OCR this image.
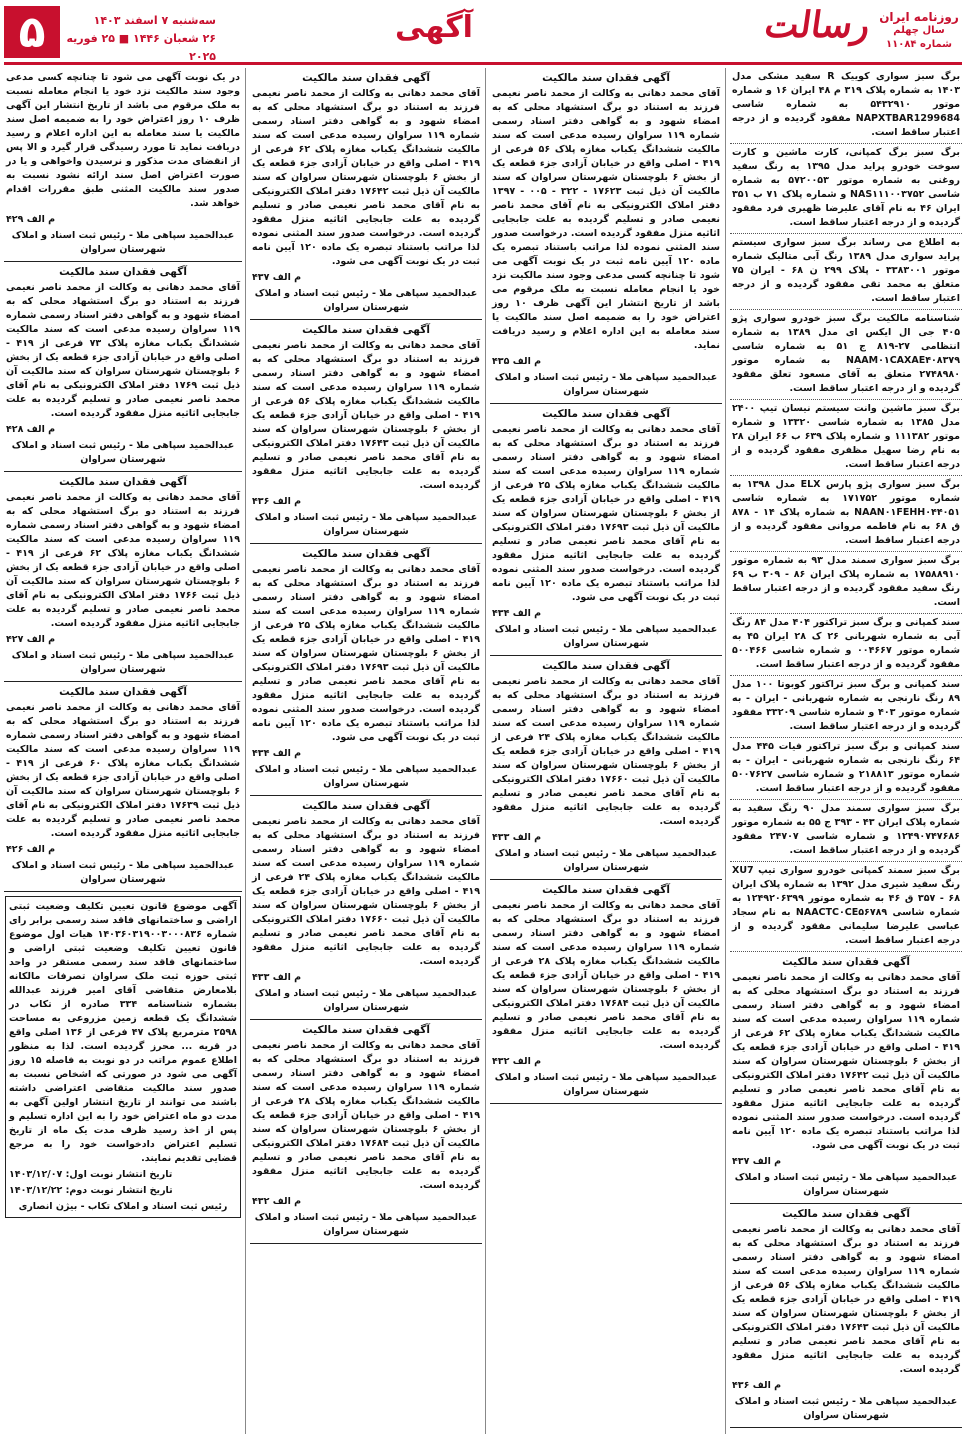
۵	سه‌شنبه ۷ اسفند ۱۴۰۳
۲۶ شعبان ۱۴۴۶ ■ ۲۵ فوریه ۲۰۲۵
آگهی	رسالت روزنامه ایران
سال چهلم
شماره ۱۱۰۸۴
برگ سبز سواری کوییک R سفید مشکی مدل ۱۴۰۳ به شماره پلاک ۳۱۹ م ۴۸ ایران ۱۶ و شماره موتور ۵۴۳۲۹۱۰ به شماره شاسی NAPXTBAR1299684 مفقود گردیده و از درجه اعتبار ساقط است.
برگ سبز برگ کمپانی، کارت ماشین و کارت سوخت خودرو پراید مدل ۱۳۹۵ به رنگ سفید روغنی به شماره موتور ۵۷۲۰۰۵۳ به شماره شاسی NAS۱۱۱۰۰۳۷۵۲ و شماره پلاک ۷۱ ب ۳۵۱ ایران ۴۶ به نام آقای علیرضا ظهیری فرد مفقود گردیده و از درجه اعتبار ساقط است.
به اطلاع می رساند برگ سبز سواری سیستم پراید سواری مدل ۱۳۸۹ رنگ آبی متالیک شماره موتور ۳۳۸۳۰۰۱ - پلاک ۲۹۹ ن ۶۸ - ایران ۷۵ متعلق به محمد تقی مفقود گردیده و از درجه اعتبار ساقط است.
شناسنامه مالکیت برگ سبز خودرو سواری پژو ۴۰۵ جی ال ایکس ای مدل ۱۳۸۹ به شماره انتظامی ۲۷-۸۱۹ ج ۵۱ به شماره شاسی NAAM۰۱CAXAE۴۰۸۳۷۹ به شماره موتور ۲۷۴۸۹۸۰ متعلق به آقای مسعود تعلق مفقود گردیده و از درجه اعتبار ساقط است.
برگ سبز ماشین وانت سیستم نیسان تیپ ۲۴۰۰ مدل ۱۳۸۵ به شماره شاسی ۱۳۳۲۰ و شماره موتور ۱۱۱۳۸۲ و شماره پلاک ۶۳۹ ب ۶۶ ایران ۲۸ به نام رضا سهیل مظفری مفقود گردیده و از درجه اعتبار ساقط است.
برگ سبز سواری پژو پارس ELX مدل ۱۳۹۸ به شماره موتور ۱۷۱۷۵۲ به شماره شاسی NAAN۰۱FEHH۰۴۴۰۵۱ به شماره پلاک ۱۴ - ۸۷۸ ق ۶۸ به نام فاطمه مروانی مفقود گردیده و از درجه اعتبار ساقط است.
برگ سبز سواری سمند مدل ۹۳ به شماره موتور ۱۷۵۸۸۹۱۰ به شماره پلاک ایران ۸۶ - ۳۰۹ ب ۶۹ رنگ سفید مفقود گردیده و از درجه اعتبار ساقط است.
سند کمپانی و برگ سبز تراکتور ۴۰۴ مدل ۸۴ رنگ آبی به شماره شهربانی ۲۶ ک ۲۸ ایران ۴۵ به شماره موتور ۰۰۴۶۶۷ و شماره شاسی ۵۰۰۴۶۶ مفقود گردیده و از درجه اعتبار ساقط است.
سند کمپانی و برگ سبز تراکتور کوبوتا ۱۰۰ مدل ۸۹ رنگ نارنجی به شماره شهربانی - ایران - به شماره موتور ۴۰۳ و شماره شاسی ۳۳۲۰۹ مفقود گردیده و از درجه اعتبار ساقط است.
سند کمپانی و برگ سبز تراکتور فیات ۴۴۵ مدل ۶۴ رنگ نارنجی به شماره شهربانی - ایران - به شماره موتور ۲۱۸۸۱۳ و شماره شاسی ۵۰۰۷۶۲۷ مفقود گردیده و از درجه اعتبار ساقط است.
برگ سبز سواری سمند مدل ۹۰ رنگ سفید به شماره پلاک ایران ۴۳ - ۳۹۳ ج ۵۵ به شماره موتور ۱۲۴۹۰۷۴۷۶۸۶ و شماره شاسی ۲۴۷۰۷ مفقود گردیده و از درجه اعتبار ساقط است.
برگ سبز سمند کمپانی خودرو سواری تیپ XU7 رنگ سفید شیری مدل ۱۳۹۲ به شماره پلاک ایران ۶۸ - ۳۵۷ ق ۴۶ به شماره موتور ۱۲۴۹۲۰۶۳۹۹ به شماره شاسی NAACTC۰CE۵۶۷۸۹ به نام سجاد عباسی علیرضا سلیمانی مفقود گردیده و از درجه اعتبار ساقط است.
آگهی فقدان سند مالکیت
آقای محمد دهانی به وکالت از محمد ناصر نعیمی فرزند به استناد دو برگ استشهاد محلی که به امضاء شهود و به گواهی دفتر اسناد رسمی شماره ۱۱۹ سراوان رسیده مدعی است که سند مالکیت ششدانگ یکباب مغازه پلاک ۶۲ فرعی از ۴۱۹ - اصلی واقع در خیابان آزادی جزء قطعه یک از بخش ۶ بلوچستان شهرستان سراوان که سند مالکیت آن ذیل ثبت ۱۷۶۴۲ دفتر املاک الکترونیکی به نام آقای محمد ناصر نعیمی صادر و تسلیم گردیده به علت جابجایی اثاثیه منزل مفقود گردیده است. درخواست صدور سند المثنی نموده لذا مراتب باستناد تبصره یک ماده ۱۲۰ آیین نامه ثبت در یک نوبت آگهی می شود.
م الف ۴۳۷
عبدالحمید سپاهی ملا - رئیس ثبت اسناد و املاک شهرستان سراوان
آگهی فقدان سند مالکیت
آقای محمد دهانی به وکالت از محمد ناصر نعیمی فرزند به استناد دو برگ استشهاد محلی که به امضاء شهود و به گواهی دفتر اسناد رسمی شماره ۱۱۹ سراوان رسیده مدعی است که سند مالکیت ششدانگ یکباب مغازه پلاک ۵۶ فرعی از ۴۱۹ - اصلی واقع در خیابان آزادی جزء قطعه یک از بخش ۶ بلوچستان شهرستان سراوان که سند مالکیت آن ذیل ثبت ۱۷۶۴۳ دفتر املاک الکترونیکی به نام آقای محمد ناصر نعیمی صادر و تسلیم گردیده به علت جابجایی اثاثیه منزل مفقود گردیده است.
م الف ۴۳۶
عبدالحمید سپاهی ملا - رئیس ثبت اسناد و املاک شهرستان سراوان
آگهی فقدان سند مالکیت
آقای محمد دهانی به وکالت از محمد ناصر نعیمی فرزند به استناد دو برگ استشهاد محلی که به امضاء شهود و به گواهی دفتر اسناد رسمی شماره ۱۱۹ سراوان رسیده مدعی است که سند مالکیت ششدانگ یکباب مغازه پلاک ۵۶ فرعی از ۴۱۹ - اصلی واقع در خیابان آزادی جزء قطعه یک از بخش ۶ بلوچستان شهرستان سراوان که سند مالکیت آن ذیل ثبت ۱۷۶۲۳ - ۳۲۲ - ۰۰۵ - ۱۳۹۷ دفتر املاک الکترونیکی به نام آقای محمد ناصر نعیمی صادر و تسلیم گردیده به علت جابجایی اثاثیه منزل مفقود گردیده است. درخواست صدور سند المثنی نموده لذا مراتب باستناد تبصره یک ماده ۱۲۰ آیین نامه ثبت در یک نوبت آگهی می شود تا چنانچه کسی مدعی وجود سند مالکیت نزد خود یا انجام معامله نسبت به ملک مرقوم می باشد از تاریخ انتشار این آگهی ظرف ۱۰ روز اعتراض خود را به ضمیمه اصل سند مالکیت یا سند معامله به این اداره اعلام و رسید دریافت نماید.
م الف ۴۳۵
عبدالحمید سپاهی ملا - رئیس ثبت اسناد و املاک شهرستان سراوان
آگهی فقدان سند مالکیت
آقای محمد دهانی به وکالت از محمد ناصر نعیمی فرزند به استناد دو برگ استشهاد محلی که به امضاء شهود و به گواهی دفتر اسناد رسمی شماره ۱۱۹ سراوان رسیده مدعی است که سند مالکیت ششدانگ یکباب مغازه پلاک ۲۵ فرعی از ۴۱۹ - اصلی واقع در خیابان آزادی جزء قطعه یک از بخش ۶ بلوچستان شهرستان سراوان که سند مالکیت آن ذیل ثبت ۱۷۶۹۳ دفتر املاک الکترونیکی به نام آقای محمد ناصر نعیمی صادر و تسلیم گردیده به علت جابجایی اثاثیه منزل مفقود گردیده است. درخواست صدور سند المثنی نموده لذا مراتب باستناد تبصره یک ماده ۱۲۰ آیین نامه ثبت در یک نوبت آگهی می شود.
م الف ۴۳۴
عبدالحمید سپاهی ملا - رئیس ثبت اسناد و املاک شهرستان سراوان
آگهی فقدان سند مالکیت
آقای محمد دهانی به وکالت از محمد ناصر نعیمی فرزند به استناد دو برگ استشهاد محلی که به امضاء شهود و به گواهی دفتر اسناد رسمی شماره ۱۱۹ سراوان رسیده مدعی است که سند مالکیت ششدانگ یکباب مغازه پلاک ۲۴ فرعی از ۴۱۹ - اصلی واقع در خیابان آزادی جزء قطعه یک از بخش ۶ بلوچستان شهرستان سراوان که سند مالکیت آن ذیل ثبت ۱۷۶۶۰ دفتر املاک الکترونیکی به نام آقای محمد ناصر نعیمی صادر و تسلیم گردیده به علت جابجایی اثاثیه منزل مفقود گردیده است.
م الف ۴۳۳
عبدالحمید سپاهی ملا - رئیس ثبت اسناد و املاک شهرستان سراوان
آگهی فقدان سند مالکیت
آقای محمد دهانی به وکالت از محمد ناصر نعیمی فرزند به استناد دو برگ استشهاد محلی که به امضاء شهود و به گواهی دفتر اسناد رسمی شماره ۱۱۹ سراوان رسیده مدعی است که سند مالکیت ششدانگ یکباب مغازه پلاک ۲۸ فرعی از ۴۱۹ - اصلی واقع در خیابان آزادی جزء قطعه یک از بخش ۶ بلوچستان شهرستان سراوان که سند مالکیت آن ذیل ثبت ۱۷۶۸۴ دفتر املاک الکترونیکی به نام آقای محمد ناصر نعیمی صادر و تسلیم گردیده به علت جابجایی اثاثیه منزل مفقود گردیده است.
م الف ۴۳۲
عبدالحمید سپاهی ملا - رئیس ثبت اسناد و املاک شهرستان سراوان
آگهی فقدان سند مالکیت
آقای محمد دهانی به وکالت از محمد ناصر نعیمی فرزند به استناد دو برگ استشهاد محلی که به امضاء شهود و به گواهی دفتر اسناد رسمی شماره ۱۱۹ سراوان رسیده مدعی است که سند مالکیت ششدانگ یکباب مغازه پلاک ۶۲ فرعی از ۴۱۹ - اصلی واقع در خیابان آزادی جزء قطعه یک از بخش ۶ بلوچستان شهرستان سراوان که سند مالکیت آن ذیل ثبت ۱۷۶۴۲ دفتر املاک الکترونیکی به نام آقای محمد ناصر نعیمی صادر و تسلیم گردیده به علت جابجایی اثاثیه منزل مفقود گردیده است. درخواست صدور سند المثنی نموده لذا مراتب باستناد تبصره یک ماده ۱۲۰ آیین نامه ثبت در یک نوبت آگهی می شود.
م الف ۴۳۷
عبدالحمید سپاهی ملا - رئیس ثبت اسناد و املاک شهرستان سراوان
آگهی فقدان سند مالکیت
آقای محمد دهانی به وکالت از محمد ناصر نعیمی فرزند به استناد دو برگ استشهاد محلی که به امضاء شهود و به گواهی دفتر اسناد رسمی شماره ۱۱۹ سراوان رسیده مدعی است که سند مالکیت ششدانگ یکباب مغازه پلاک ۵۶ فرعی از ۴۱۹ - اصلی واقع در خیابان آزادی جزء قطعه یک از بخش ۶ بلوچستان شهرستان سراوان که سند مالکیت آن ذیل ثبت ۱۷۶۴۳ دفتر املاک الکترونیکی به نام آقای محمد ناصر نعیمی صادر و تسلیم گردیده به علت جابجایی اثاثیه منزل مفقود گردیده است.
م الف ۴۳۶
عبدالحمید سپاهی ملا - رئیس ثبت اسناد و املاک شهرستان سراوان
آگهی فقدان سند مالکیت
آقای محمد دهانی به وکالت از محمد ناصر نعیمی فرزند به استناد دو برگ استشهاد محلی که به امضاء شهود و به گواهی دفتر اسناد رسمی شماره ۱۱۹ سراوان رسیده مدعی است که سند مالکیت ششدانگ یکباب مغازه پلاک ۲۵ فرعی از ۴۱۹ - اصلی واقع در خیابان آزادی جزء قطعه یک از بخش ۶ بلوچستان شهرستان سراوان که سند مالکیت آن ذیل ثبت ۱۷۶۹۳ دفتر املاک الکترونیکی به نام آقای محمد ناصر نعیمی صادر و تسلیم گردیده به علت جابجایی اثاثیه منزل مفقود گردیده است. درخواست صدور سند المثنی نموده لذا مراتب باستناد تبصره یک ماده ۱۲۰ آیین نامه ثبت در یک نوبت آگهی می شود.
م الف ۴۳۴
عبدالحمید سپاهی ملا - رئیس ثبت اسناد و املاک شهرستان سراوان
آگهی فقدان سند مالکیت
آقای محمد دهانی به وکالت از محمد ناصر نعیمی فرزند به استناد دو برگ استشهاد محلی که به امضاء شهود و به گواهی دفتر اسناد رسمی شماره ۱۱۹ سراوان رسیده مدعی است که سند مالکیت ششدانگ یکباب مغازه پلاک ۲۴ فرعی از ۴۱۹ - اصلی واقع در خیابان آزادی جزء قطعه یک از بخش ۶ بلوچستان شهرستان سراوان که سند مالکیت آن ذیل ثبت ۱۷۶۶۰ دفتر املاک الکترونیکی به نام آقای محمد ناصر نعیمی صادر و تسلیم گردیده به علت جابجایی اثاثیه منزل مفقود گردیده است.
م الف ۴۳۳
عبدالحمید سپاهی ملا - رئیس ثبت اسناد و املاک شهرستان سراوان
آگهی فقدان سند مالکیت
آقای محمد دهانی به وکالت از محمد ناصر نعیمی فرزند به استناد دو برگ استشهاد محلی که به امضاء شهود و به گواهی دفتر اسناد رسمی شماره ۱۱۹ سراوان رسیده مدعی است که سند مالکیت ششدانگ یکباب مغازه پلاک ۲۸ فرعی از ۴۱۹ - اصلی واقع در خیابان آزادی جزء قطعه یک از بخش ۶ بلوچستان شهرستان سراوان که سند مالکیت آن ذیل ثبت ۱۷۶۸۴ دفتر املاک الکترونیکی به نام آقای محمد ناصر نعیمی صادر و تسلیم گردیده به علت جابجایی اثاثیه منزل مفقود گردیده است.
م الف ۴۳۲
عبدالحمید سپاهی ملا - رئیس ثبت اسناد و املاک شهرستان سراوان
در یک نوبت آگهی می شود تا چنانچه کسی مدعی وجود سند مالکیت نزد خود یا انجام معامله نسبت به ملک مرقوم می باشد از تاریخ انتشار این آگهی ظرف ۱۰ روز اعتراض خود را به ضمیمه اصل سند مالکیت یا سند معامله به این اداره اعلام و رسید دریافت نماید تا مورد رسیدگی قرار گیرد و الا پس از انقضای مدت مذکور و نرسیدن واخواهی و یا در صورت اعتراض اصل سند ارائه نشود نسبت به صدور سند مالکیت المثنی طبق مقررات اقدام خواهد شد.
م الف ۴۲۹
عبدالحمید سپاهی ملا - رئیس ثبت اسناد و املاک شهرستان سراوان
آگهی فقدان سند مالکیت
آقای محمد دهانی به وکالت از محمد ناصر نعیمی فرزند به استناد دو برگ استشهاد محلی که به امضاء شهود و به گواهی دفتر اسناد رسمی شماره ۱۱۹ سراوان رسیده مدعی است که سند مالکیت ششدانگ یکباب مغازه پلاک ۷۳ فرعی از ۴۱۹ - اصلی واقع در خیابان آزادی جزء قطعه یک از بخش ۶ بلوچستان شهرستان سراوان که سند مالکیت آن ذیل ثبت ۱۷۶۹ دفتر املاک الکترونیکی به نام آقای محمد ناصر نعیمی صادر و تسلیم گردیده به علت جابجایی اثاثیه منزل مفقود گردیده است.
م الف ۴۲۸
عبدالحمید سپاهی ملا - رئیس ثبت اسناد و املاک شهرستان سراوان
آگهی فقدان سند مالکیت
آقای محمد دهانی به وکالت از محمد ناصر نعیمی فرزند به استناد دو برگ استشهاد محلی که به امضاء شهود و به گواهی دفتر اسناد رسمی شماره ۱۱۹ سراوان رسیده مدعی است که سند مالکیت ششدانگ یکباب مغازه پلاک ۶۲ فرعی از ۴۱۹ - اصلی واقع در خیابان آزادی جزء قطعه یک از بخش ۶ بلوچستان شهرستان سراوان که سند مالکیت آن ذیل ثبت ۱۷۶۶ دفتر املاک الکترونیکی به نام آقای محمد ناصر نعیمی صادر و تسلیم گردیده به علت جابجایی اثاثیه منزل مفقود گردیده است.
م الف ۴۲۷
عبدالحمید سپاهی ملا - رئیس ثبت اسناد و املاک شهرستان سراوان
آگهی فقدان سند مالکیت
آقای محمد دهانی به وکالت از محمد ناصر نعیمی فرزند به استناد دو برگ استشهاد محلی که به امضاء شهود و به گواهی دفتر اسناد رسمی شماره ۱۱۹ سراوان رسیده مدعی است که سند مالکیت ششدانگ یکباب مغازه پلاک ۶۰ فرعی از ۴۱۹ - اصلی واقع در خیابان آزادی جزء قطعه یک از بخش ۶ بلوچستان شهرستان سراوان که سند مالکیت آن ذیل ثبت ۱۷۶۳۹ دفتر املاک الکترونیکی به نام آقای محمد ناصر نعیمی صادر و تسلیم گردیده به علت جابجایی اثاثیه منزل مفقود گردیده است.
م الف ۴۲۶
عبدالحمید سپاهی ملا - رئیس ثبت اسناد و املاک شهرستان سراوان
آگهی موضوع قانون تعیین تکلیف وضعیت ثبتی اراضی و ساختمانهای فاقد سند رسمی برابر رای شماره ۱۴۰۳۶۰۳۱۹۰۰۳۰۰۰۸۳۶ هیات اول موضوع قانون تعیین تکلیف وضعیت ثبتی اراضی و ساختمانهای فاقد سند رسمی مستقر در واحد ثبتی حوزه ثبت ملک سراوان تصرفات مالکانه بلامعارض متقاضی آقای امیر فرزند عبدالله بشماره شناسنامه ۳۳۴ صادره از تکاب در ششدانگ یک قطعه زمین مزروعی به مساحت ۲۵۹۸ مترمربع پلاک ۴۷ فرعی از ۱۳۶ اصلی واقع در قریه ... محرز گردیده است. لذا به منظور اطلاع عموم مراتب در دو نوبت به فاصله ۱۵ روز آگهی می شود در صورتی که اشخاص نسبت به صدور سند مالکیت متقاضی اعتراضی داشته باشند می توانند از تاریخ انتشار اولین آگهی به مدت دو ماه اعتراض خود را به این اداره تسلیم و پس از اخذ رسید ظرف مدت یک ماه از تاریخ تسلیم اعتراض دادخواست خود را به مرجع قضایی تقدیم نمایند.
تاریخ انتشار نوبت اول: ۱۴۰۳/۱۲/۰۷
تاریخ انتشار نوبت دوم: ۱۴۰۳/۱۲/۲۲
رئیس ثبت اسناد و املاک تکاب - بیژن انصاری
